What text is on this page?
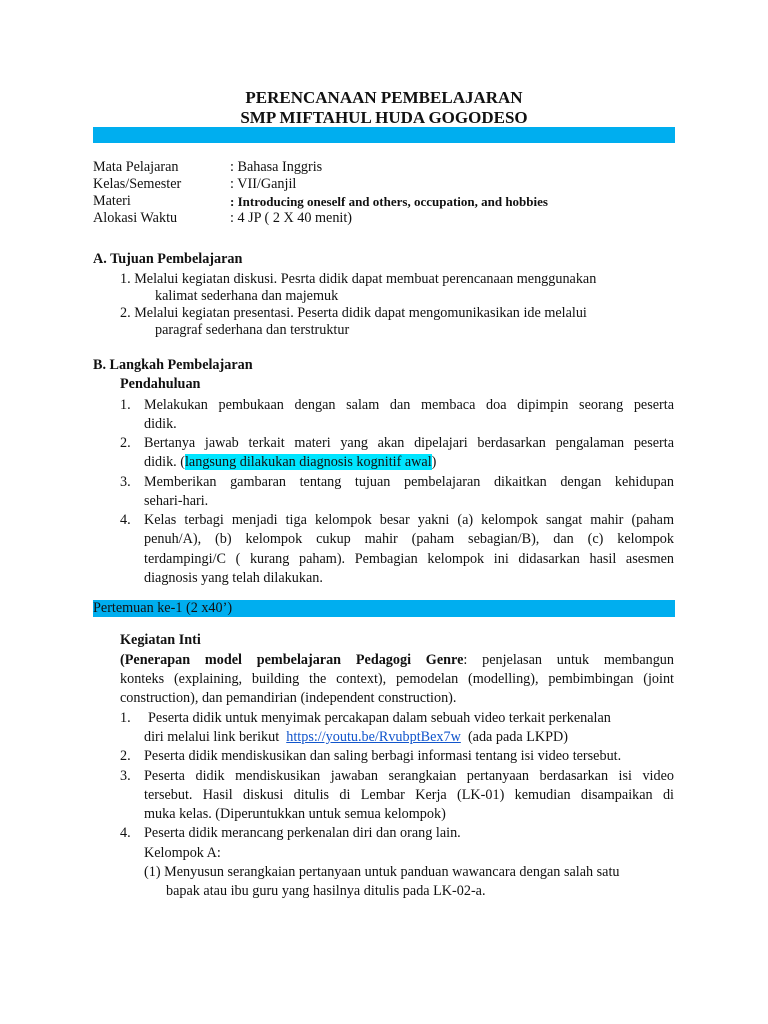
PERENCANAAN PEMBELAJARAN
SMP MIFTAHUL HUDA GOGODESO
Mata Pelajaran	: Bahasa Inggris
Kelas/Semester	: VII/Ganjil
Materi	: Introducing oneself and others, occupation, and hobbies
Alokasi Waktu	: 4 JP ( 2 X 40 menit)
A. Tujuan Pembelajaran
1. Melalui kegiatan diskusi. Pesrta didik dapat membuat perencanaan menggunakan
kalimat sederhana dan majemuk
2. Melalui kegiatan presentasi. Peserta didik dapat mengomunikasikan ide melalui
paragraf sederhana dan terstruktur
B. Langkah Pembelajaran
Pendahuluan
1. Melakukan pembukaan dengan salam dan membaca doa dipimpin seorang peserta
didik.
2. Bertanya jawab terkait materi yang akan dipelajari berdasarkan pengalaman peserta
didik. (langsung dilakukan diagnosis kognitif awal)
3. Memberikan gambaran tentang tujuan pembelajaran dikaitkan dengan kehidupan
sehari-hari.
4. Kelas terbagi menjadi tiga kelompok besar yakni (a) kelompok sangat mahir (paham
penuh/A), (b) kelompok cukup mahir (paham sebagian/B), dan (c) kelompok
terdampingi/C ( kurang paham). Pembagian kelompok ini didasarkan hasil asesmen
diagnosis yang telah dilakukan.
Pertemuan ke-1 (2 x40’)
Kegiatan Inti
(Penerapan model pembelajaran Pedagogi Genre: penjelasan untuk membangun
konteks (explaining, building the context), pemodelan (modelling), pembimbingan (joint
construction), dan pemandirian (independent construction).
1. Peserta didik untuk menyimak percakapan dalam sebuah video terkait perkenalan
diri melalui link berikut https://youtu.be/RvubptBex7w (ada pada LKPD)
2. Peserta didik mendiskusikan dan saling berbagi informasi tentang isi video tersebut.
3. Peserta didik mendiskusikan jawaban serangkaian pertanyaan berdasarkan isi video
tersebut. Hasil diskusi ditulis di Lembar Kerja (LK-01) kemudian disampaikan di
muka kelas. (Diperuntukkan untuk semua kelompok)
4. Peserta didik merancang perkenalan diri dan orang lain.
Kelompok A:
(1) Menyusun serangkaian pertanyaan untuk panduan wawancara dengan salah satu
bapak atau ibu guru yang hasilnya ditulis pada LK-02-a.
